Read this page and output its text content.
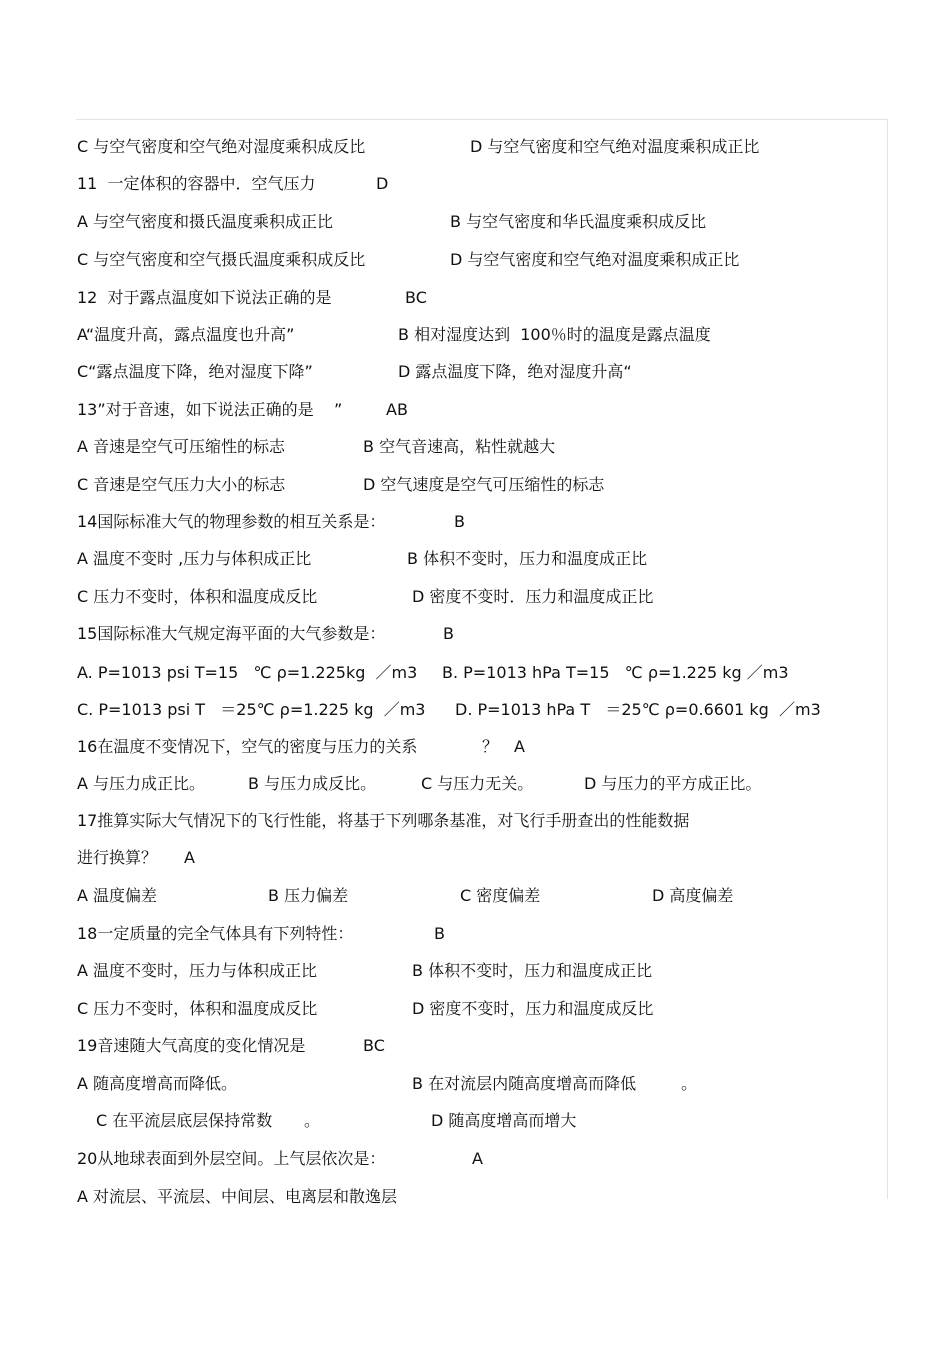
C 与空气密度和空气绝对湿度乘积成反比	D 与空气密度和空气绝对温度乘积成正比
11  一定体积的容器中．空气压力	D
A 与空气密度和摄氏温度乘积成正比	B 与空气密度和华氏温度乘积成反比
C 与空气密度和空气摄氏温度乘积成反比	D 与空气密度和空气绝对温度乘积成正比
12  对于露点温度如下说法正确的是	BC
A“温度升高，露点温度也升高”	B 相对湿度达到  100％时的温度是露点温度
C“露点温度下降，绝对湿度下降”	D 露点温度下降，绝对湿度升高“
13”对于音速，如下说法正确的是    ”	AB
A 音速是空气可压缩性的标志	B 空气音速高，粘性就越大
C 音速是空气压力大小的标志	D 空气速度是空气可压缩性的标志
14国际标准大气的物理参数的相互关系是：	B
A 温度不变时 ,压力与体积成正比	B 体积不变时，压力和温度成正比
C 压力不变时，体积和温度成反比	D 密度不变时．压力和温度成正比
15国际标准大气规定海平面的大气参数是：	B
A. P=1013 psi T=15   ℃ ρ=1.225kg  ／m3 B. P=1013 hPa T=15   ℃ ρ=1.225 kg ／m3
C. P=1013 psi T   ＝25℃ ρ=1.225 kg  ／m3 D. P=1013 hPa T   ＝25℃ ρ=0.6601 kg  ／m3
16在温度不变情况下，空气的密度与压力的关系	？ A
A 与压力成正比。	B 与压力成反比。	C 与压力无关。	D 与压力的平方成正比。
17推算实际大气情况下的飞行性能，将基于下列哪条基准，对飞行手册查出的性能数据
进行换算？ A
A 温度偏差	B 压力偏差	C 密度偏差	D 高度偏差
18一定质量的完全气体具有下列特性：	B
A 温度不变时，压力与体积成正比	B 体积不变时，压力和温度成正比
C 压力不变时，体积和温度成反比	D 密度不变时，压力和温度成反比
19音速随大气高度的变化情况是	BC
A 随高度增高而降低。	B 在对流层内随高度增高而降低	。
C 在平流层底层保持常数 。	D 随高度增高而增大
20从地球表面到外层空间。上气层依次是：	A
A 对流层、平流层、中间层、电离层和散逸层
